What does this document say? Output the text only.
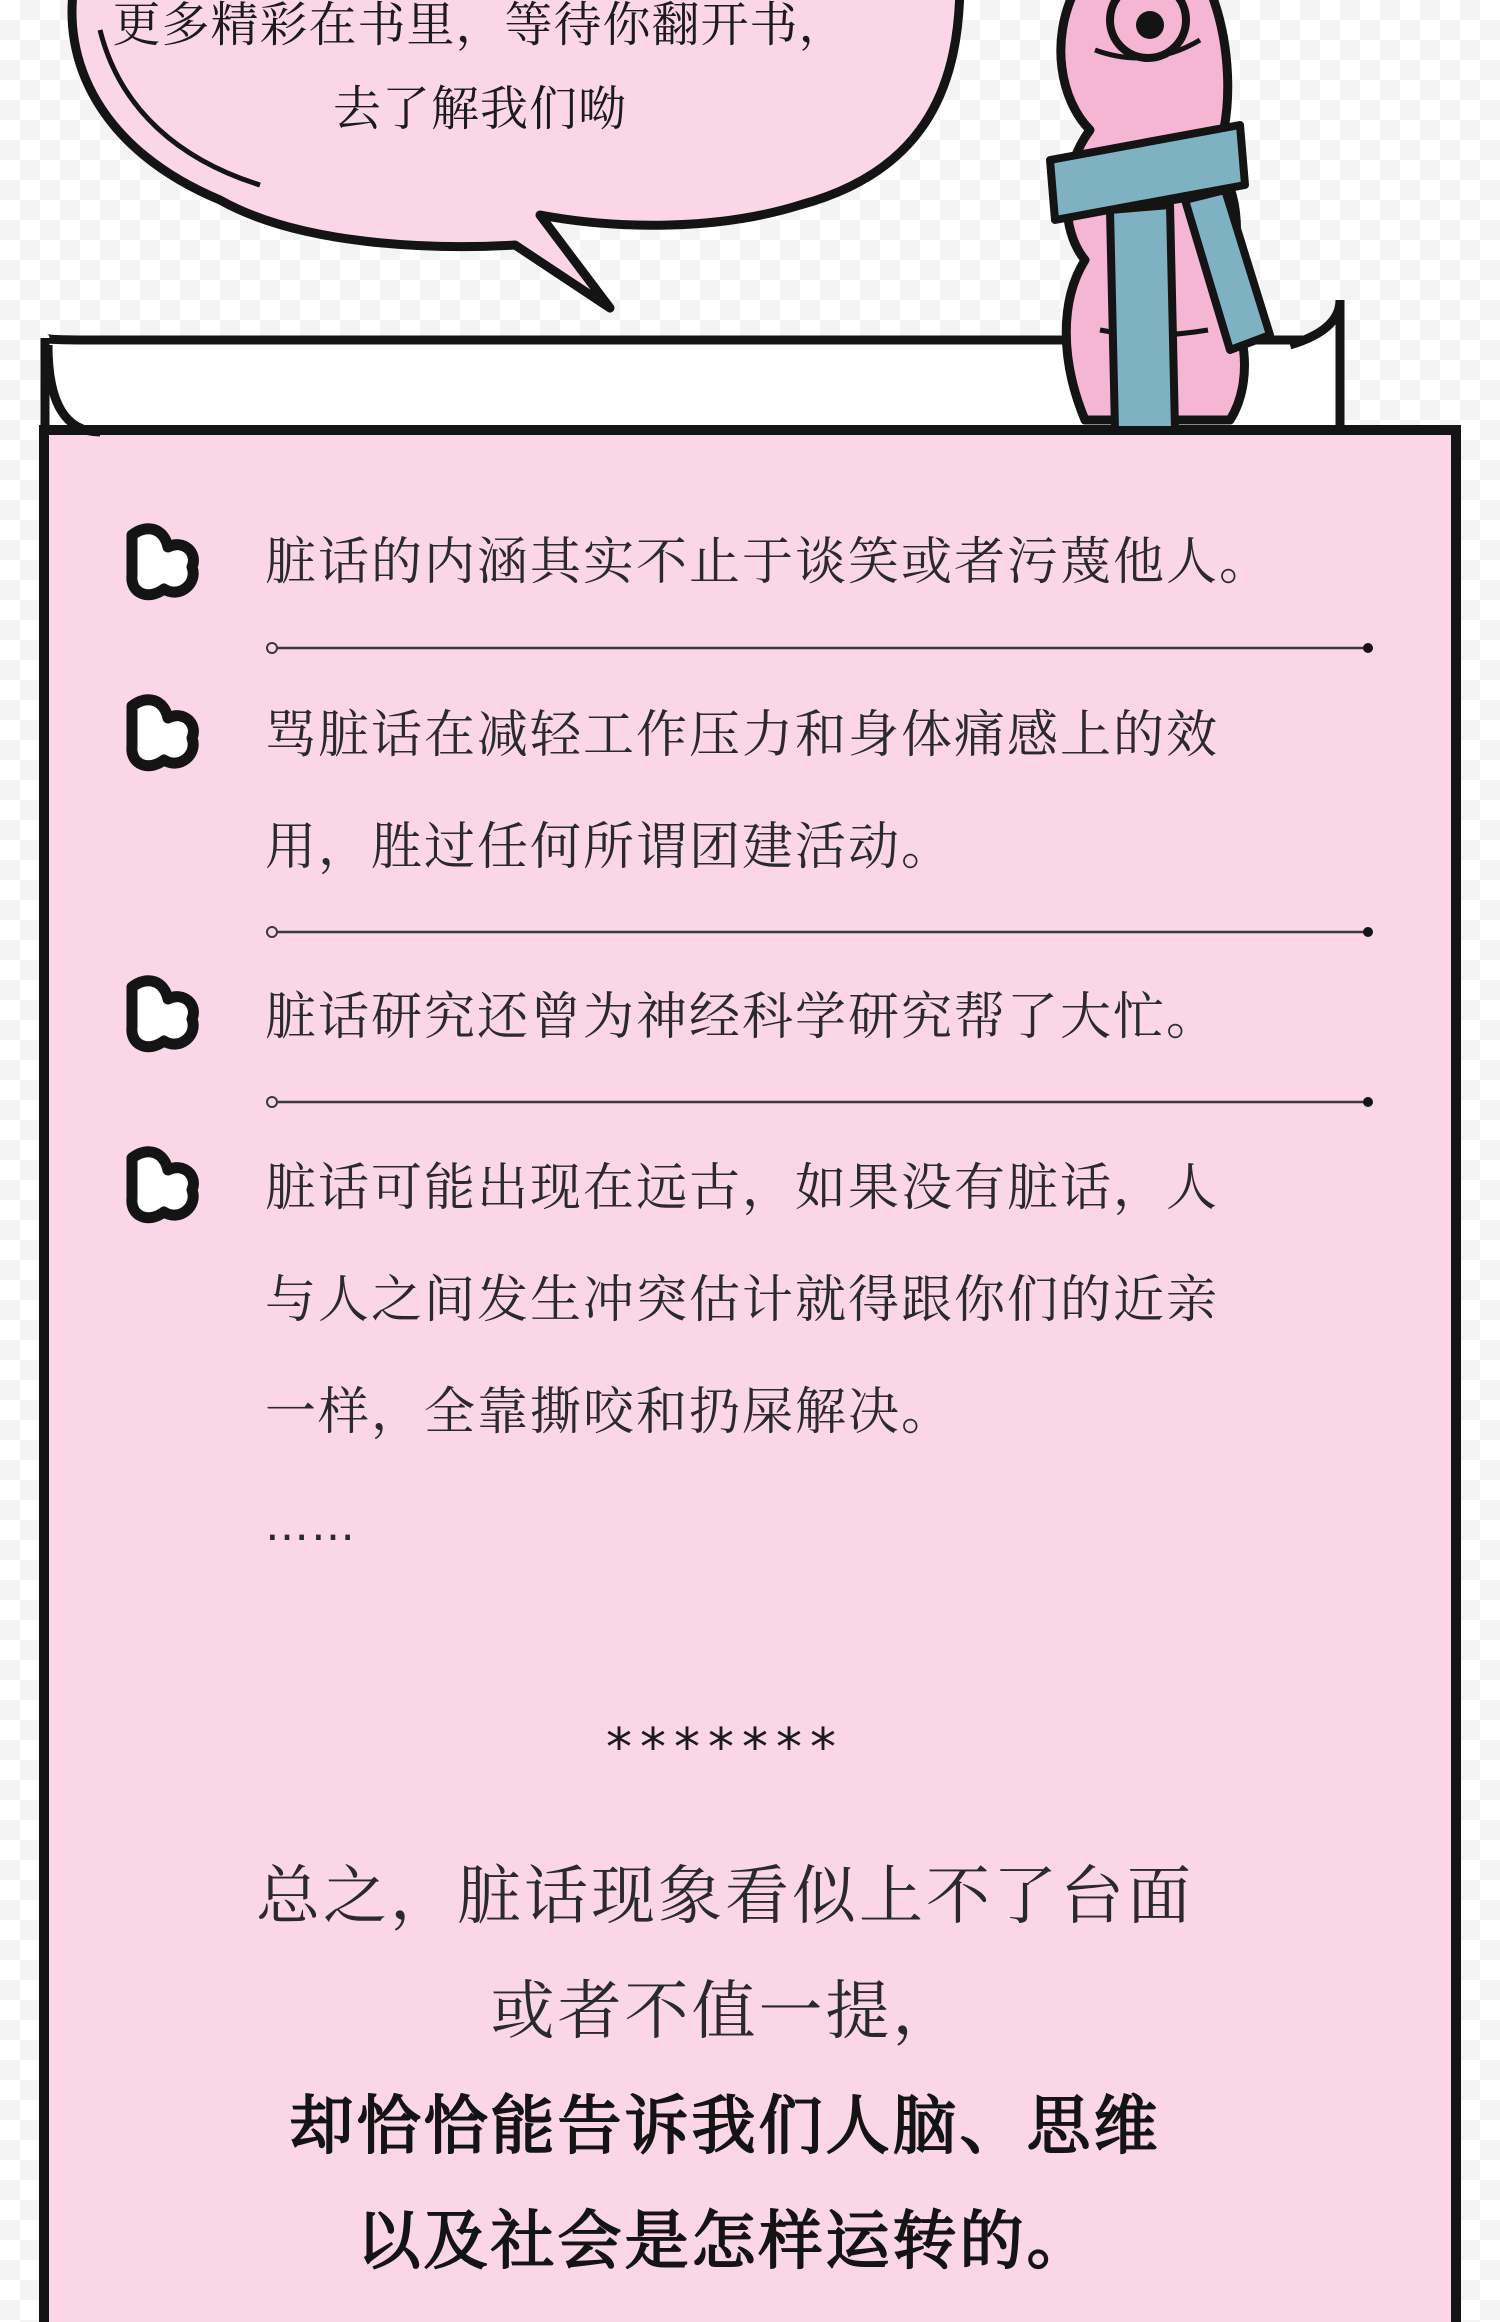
更多精彩在书里，等待你翻开书，
去了解我们呦
脏话的内涵其实不止于谈笑或者污蔑他人。
骂脏话在减轻工作压力和身体痛感上的效
用，胜过任何所谓团建活动。
脏话研究还曾为神经科学研究帮了大忙。
脏话可能出现在远古，如果没有脏话，人
与人之间发生冲突估计就得跟你们的近亲
一样，全靠撕咬和扔屎解决。
……
*******
总之，脏话现象看似上不了台面
或者不值一提，
却恰恰能告诉我们人脑、思维
以及社会是怎样运转的。
